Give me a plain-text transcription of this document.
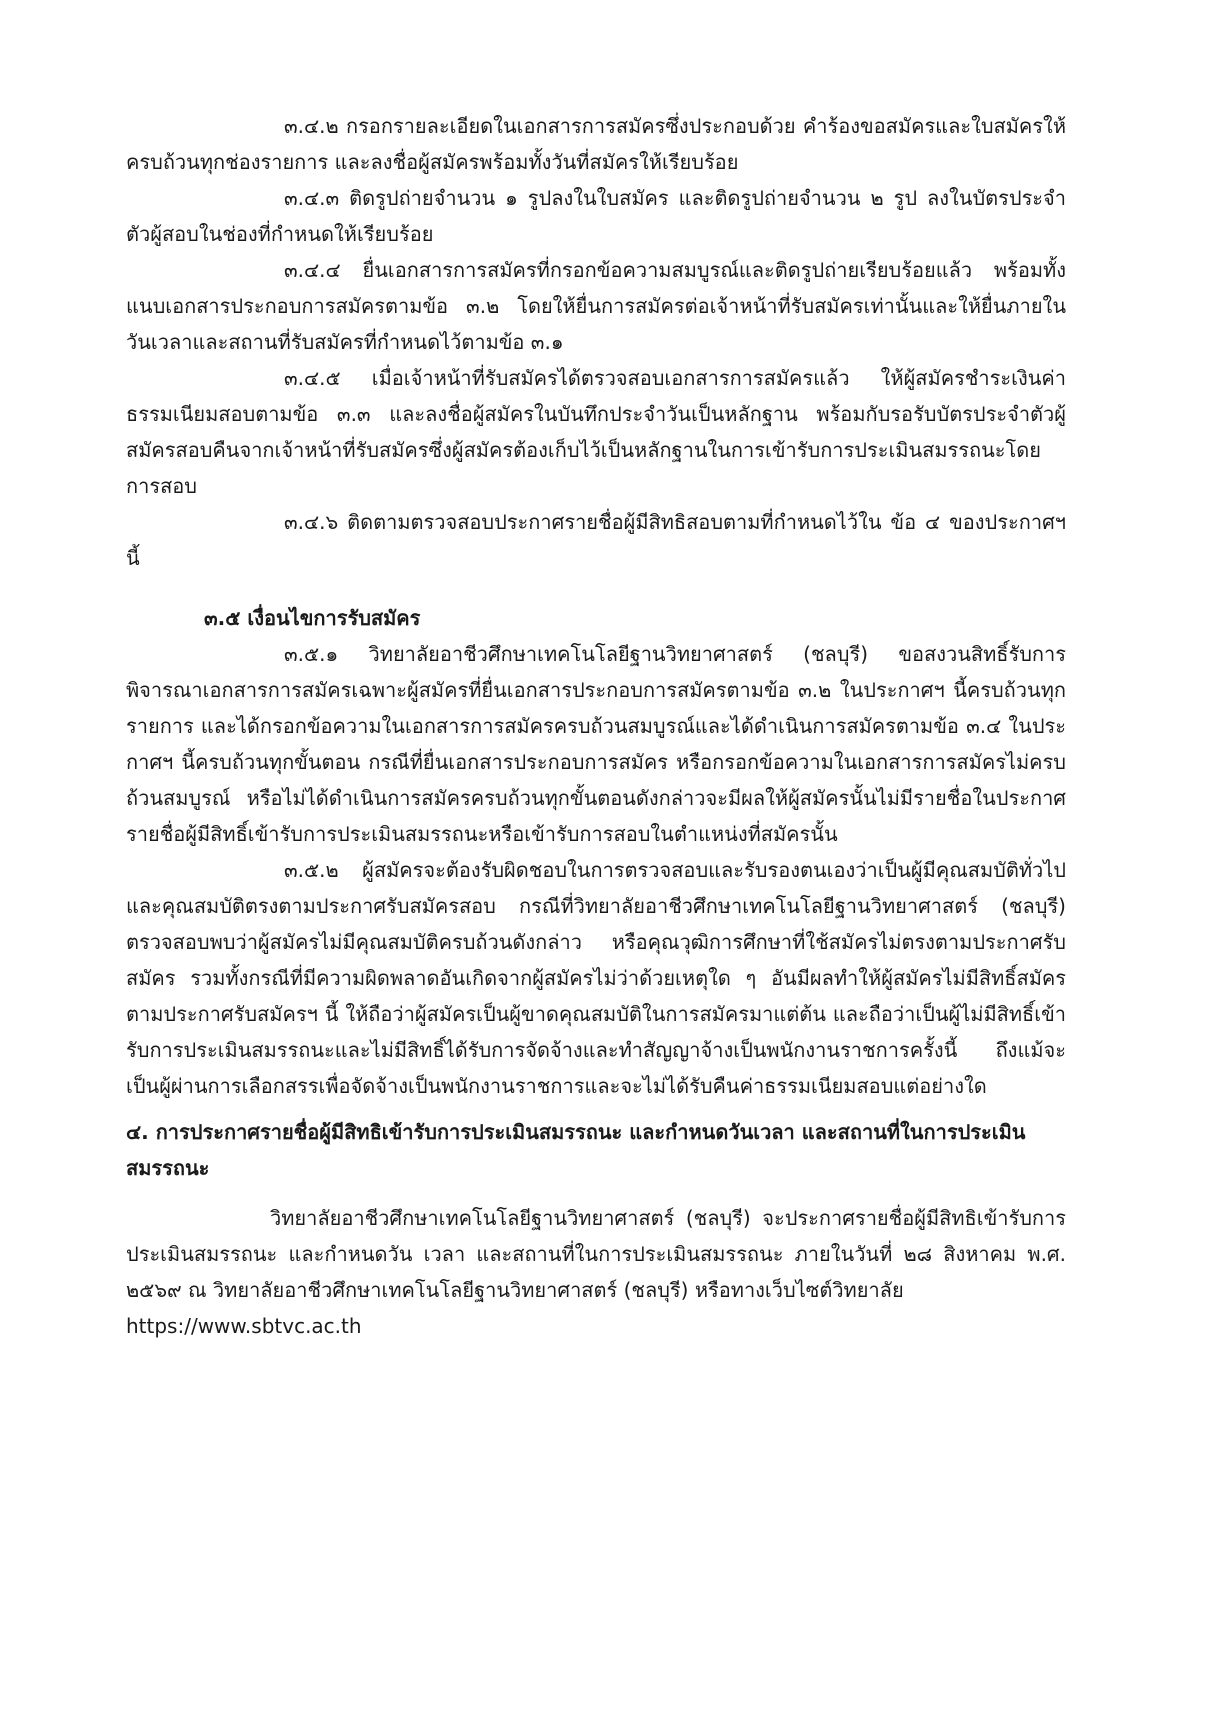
๓.๔.๒ กรอกรายละเอียดในเอกสารการสมัครซึ่งประกอบด้วย คำร้องขอสมัครและใบสมัครให้ครบถ้วนทุกช่องรายการ และลงชื่อผู้สมัครพร้อมทั้งวันที่สมัครให้เรียบร้อย

๓.๔.๓ ติดรูปถ่ายจำนวน ๑ รูปลงในใบสมัคร และติดรูปถ่ายจำนวน ๒ รูป ลงในบัตรประจำตัวผู้สอบในช่องที่กำหนดให้เรียบร้อย

๓.๔.๔ ยื่นเอกสารการสมัครที่กรอกข้อความสมบูรณ์และติดรูปถ่ายเรียบร้อยแล้ว พร้อมทั้งแนบเอกสารประกอบการสมัครตามข้อ ๓.๒ โดยให้ยื่นการสมัครต่อเจ้าหน้าที่รับสมัครเท่านั้นและให้ยื่นภายในวันเวลาและสถานที่รับสมัครที่กำหนดไว้ตามข้อ ๓.๑

๓.๔.๕ เมื่อเจ้าหน้าที่รับสมัครได้ตรวจสอบเอกสารการสมัครแล้ว ให้ผู้สมัครชำระเงินค่าธรรมเนียมสอบตามข้อ ๓.๓ และลงชื่อผู้สมัครในบันทึกประจำวันเป็นหลักฐาน พร้อมกับรอรับบัตรประจำตัวผู้สมัครสอบคืนจากเจ้าหน้าที่รับสมัครซึ่งผู้สมัครต้องเก็บไว้เป็นหลักฐานในการเข้ารับการประเมินสมรรถนะโดยการสอบ

๓.๔.๖ ติดตามตรวจสอบประกาศรายชื่อผู้มีสิทธิสอบตามที่กำหนดไว้ใน ข้อ ๔ ของประกาศฯ นี้

๓.๕ เงื่อนไขการรับสมัคร

๓.๕.๑ วิทยาลัยอาชีวศึกษาเทคโนโลยีฐานวิทยาศาสตร์ (ชลบุรี) ขอสงวนสิทธิ์รับการพิจารณาเอกสารการสมัครเฉพาะผู้สมัครที่ยื่นเอกสารประกอบการสมัครตามข้อ ๓.๒ ในประกาศฯ นี้ครบถ้วนทุกรายการ และได้กรอกข้อความในเอกสารการสมัครครบถ้วนสมบูรณ์และได้ดำเนินการสมัครตามข้อ ๓.๔ ในประกาศฯ นี้ครบถ้วนทุกขั้นตอน กรณีที่ยื่นเอกสารประกอบการสมัคร หรือกรอกข้อความในเอกสารการสมัครไม่ครบถ้วนสมบูรณ์ หรือไม่ได้ดำเนินการสมัครครบถ้วนทุกขั้นตอนดังกล่าวจะมีผลให้ผู้สมัครนั้นไม่มีรายชื่อในประกาศรายชื่อผู้มีสิทธิ์เข้ารับการประเมินสมรรถนะหรือเข้ารับการสอบในตำแหน่งที่สมัครนั้น

๓.๕.๒ ผู้สมัครจะต้องรับผิดชอบในการตรวจสอบและรับรองตนเองว่าเป็นผู้มีคุณสมบัติทั่วไปและคุณสมบัติตรงตามประกาศรับสมัครสอบ กรณีที่วิทยาลัยอาชีวศึกษาเทคโนโลยีฐานวิทยาศาสตร์ (ชลบุรี) ตรวจสอบพบว่าผู้สมัครไม่มีคุณสมบัติครบถ้วนดังกล่าว หรือคุณวุฒิการศึกษาที่ใช้สมัครไม่ตรงตามประกาศรับสมัคร รวมทั้งกรณีที่มีความผิดพลาดอันเกิดจากผู้สมัครไม่ว่าด้วยเหตุใด ๆ อันมีผลทำให้ผู้สมัครไม่มีสิทธิ์สมัครตามประกาศรับสมัครฯ นี้ ให้ถือว่าผู้สมัครเป็นผู้ขาดคุณสมบัติในการสมัครมาแต่ต้น และถือว่าเป็นผู้ไม่มีสิทธิ์เข้ารับการประเมินสมรรถนะและไม่มีสิทธิ์ได้รับการจัดจ้างและทำสัญญาจ้างเป็นพนักงานราชการครั้งนี้ ถึงแม้จะเป็นผู้ผ่านการเลือกสรรเพื่อจัดจ้างเป็นพนักงานราชการและจะไม่ได้รับคืนค่าธรรมเนียมสอบแต่อย่างใด

๔. การประกาศรายชื่อผู้มีสิทธิเข้ารับการประเมินสมรรถนะ และกำหนดวันเวลา และสถานที่ในการประเมินสมรรถนะ

วิทยาลัยอาชีวศึกษาเทคโนโลยีฐานวิทยาศาสตร์ (ชลบุรี) จะประกาศรายชื่อผู้มีสิทธิเข้ารับการประเมินสมรรถนะ และกำหนดวัน เวลา และสถานที่ในการประเมินสมรรถนะ ภายในวันที่ ๒๘ สิงหาคม พ.ศ. ๒๕๖๙ ณ วิทยาลัยอาชีวศึกษาเทคโนโลยีฐานวิทยาศาสตร์ (ชลบุรี) หรือทางเว็บไซต์วิทยาลัย

https://www.sbtvc.ac.th
